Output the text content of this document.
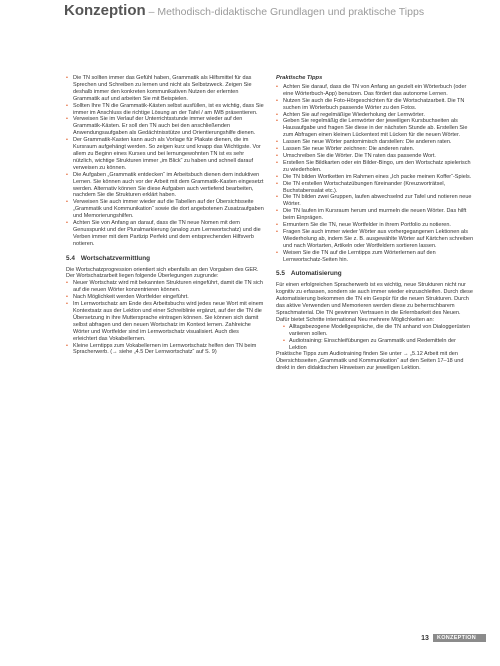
Konzeption – Methodisch-didaktische Grundlagen und praktische Tipps
• Die TN sollten immer das Gefühl haben, Grammatik als Hilfsmittel für das Sprechen und Schreiben zu lernen und nicht als Selbstzweck. Zeigen Sie deshalb immer den konkreten kommunikativen Nutzen der erlernten Grammatik auf und arbeiten Sie mit Beispielen.
• Sollten Ihre TN die Grammatik-Kästen selbst ausfüllen, ist es wichtig, dass Sie immer im Anschluss die richtige Lösung an der Tafel / am IWB präsentieren.
• Verweisen Sie im Verlauf der Unterrichtsstunde immer wieder auf den Grammatik-Kästen. Er soll den TN auch bei den anschließenden Anwendungsaufgaben als Gedächtnisstütze und Orientierungshilfe dienen.
• Der Grammatik-Kasten kann auch als Vorlage für Plakate dienen, die im Kursraum aufgehängt werden. So zeigen kurz und knapp das Wichtigste. Vor allem zu Beginn eines Kurses und bei lernungewohnten TN ist es sehr nützlich, wichtige Strukturen immer „im Blick“ zu haben und schnell darauf verweisen zu können.
• Die Aufgaben „Grammatik entdecken“ im Arbeitsbuch dienen dem induktiven Lernen. Sie können auch vor der Arbeit mit dem Grammatik-Kasten eingesetzt werden. Alternativ können Sie diese Aufgaben auch vertiefend bearbeiten, nachdem Sie die Strukturen erklärt haben.
• Verweisen Sie auch immer wieder auf die Tabellen auf der Übersichtsseite „Grammatik und Kommunikation“ sowie die dort angebotenen Zusatzaufgaben und Memorierungshilfen.
• Achten Sie von Anfang an darauf, dass die TN neue Nomen mit dem Genusspunkt und der Pluralmarkierung (analog zum Lernwortschatz) und die Verben immer mit dem Partizip Perfekt und dem entsprechenden Hilfsverb notieren.
5.4 Wortschatzvermittlung

Die Wortschatzprogression orientiert sich ebenfalls an den Vorgaben des GER. Der Wortschatzarbeit liegen folgende Überlegungen zugrunde:

• Neuer Wortschatz wird mit bekannten Strukturen eingeführt, damit die TN sich auf die neuen Wörter konzentrieren können.
• Nach Möglichkeit werden Wortfelder eingeführt.
• Im Lernwortschatz am Ende des Arbeitsbuchs wird jedes neue Wort mit einem Kontextsatz aus der Lektion und einer Schreiblinie ergänzt, auf der die TN die Übersetzung in ihre Muttersprache eintragen können. Sie können sich damit selbst abfragen und den neuen Wortschatz im Kontext lernen. Zahlreiche Wörter und Wortfelder sind im Lernwortschatz visualisiert. Auch dies erleichtert das Vokabellernen.
• Kleine Lerntipps zum Vokabellernen im Lernwortschatz helfen den TN beim Spracherwerb. (→ siehe „4.5 Der Lernwortschatz“ auf S. 9)
Praktische Tipps
• Achten Sie darauf, dass die TN von Anfang an gezielt ein Wörterbuch (oder eine Wörterbuch-App) benutzen. Das fördert das autonome Lernen.
• Nutzen Sie auch die Foto-Hörgeschichten für die Wortschatzarbeit. Die TN suchen im Wörterbuch passende Wörter zu den Fotos.
• Achten Sie auf regelmäßige Wiederholung der Lernwörter.
• Geben Sie regelmäßig die Lernwörter der jeweiligen Kursbuchseiten als Hausaufgabe und fragen Sie diese in der nächsten Stunde ab. Erstellen Sie zum Abfragen einen kleinen Lückentext mit Lücken für die neuen Wörter.
• Lassen Sie neue Wörter pantomimisch darstellen: Die anderen raten.
• Lassen Sie neue Wörter zeichnen: Die anderen raten.
• Umschreiben Sie die Wörter. Die TN raten das passende Wort.
• Erstellen Sie Bildkarten oder ein Bilder-Bingo, um den Wortschatz spielerisch zu wiederholen.
• Die TN bilden Wortketten im Rahmen eines „Ich packe meinen Koffer“-Spiels.
• Die TN erstellen Wortschatzübungen füreinander (Kreuzworträtsel, Buchstabensalat etc.).
• Die TN bilden zwei Gruppen, laufen abwechselnd zur Tafel und notieren neue Wörter.
• Die TN laufen im Kursraum herum und murmeln die neuen Wörter. Das hilft beim Einprägen.
• Ermuntern Sie die TN, neue Wortfelder in ihrem Portfolio zu notieren.
• Fragen Sie auch immer wieder Wörter aus vorhergegangenen Lektionen als Wiederholung ab, indem Sie z. B. ausgewählte Wörter auf Kärtchen schreiben und nach Wortarten, Artikeln oder Wortfeldern sortieren lassen.
• Weisen Sie die TN auf die Lerntipps zum Wörterlernen auf den Lernwortschatz-Seiten hin.
5.5 Automatisierung

Für einen erfolgreichen Spracherwerb ist es wichtig, neue Strukturen nicht nur kognitiv zu erfassen, sondern sie auch immer wieder einzuschleifen. Durch diese Automatisierung bekommen die TN ein Gespür für die neuen Strukturen. Durch das aktive Verwenden und Memorieren werden diese zu beherrschbarem Sprachmaterial. Die TN gewinnen Vertrauen in die Erlernbarkeit des Neuen. Dafür bietet Schritte international Neu mehrere Möglichkeiten an:

• Alltagsbezogene Modellgespräche, die die TN anhand von Dialoggerüsten variieren sollen.
• Audiotraining: Einschleifübungen zu Grammatik und Redemitteln der Lektion

Praktische Tipps zum Audiotraining finden Sie unter → „5.12 Arbeit mit den Übersichtsseiten „Grammatik und Kommunikation“ auf den Seiten 17–18 und direkt in den didaktischen Hinweisen zur jeweiligen Lektion.

13	KONZEPTION
